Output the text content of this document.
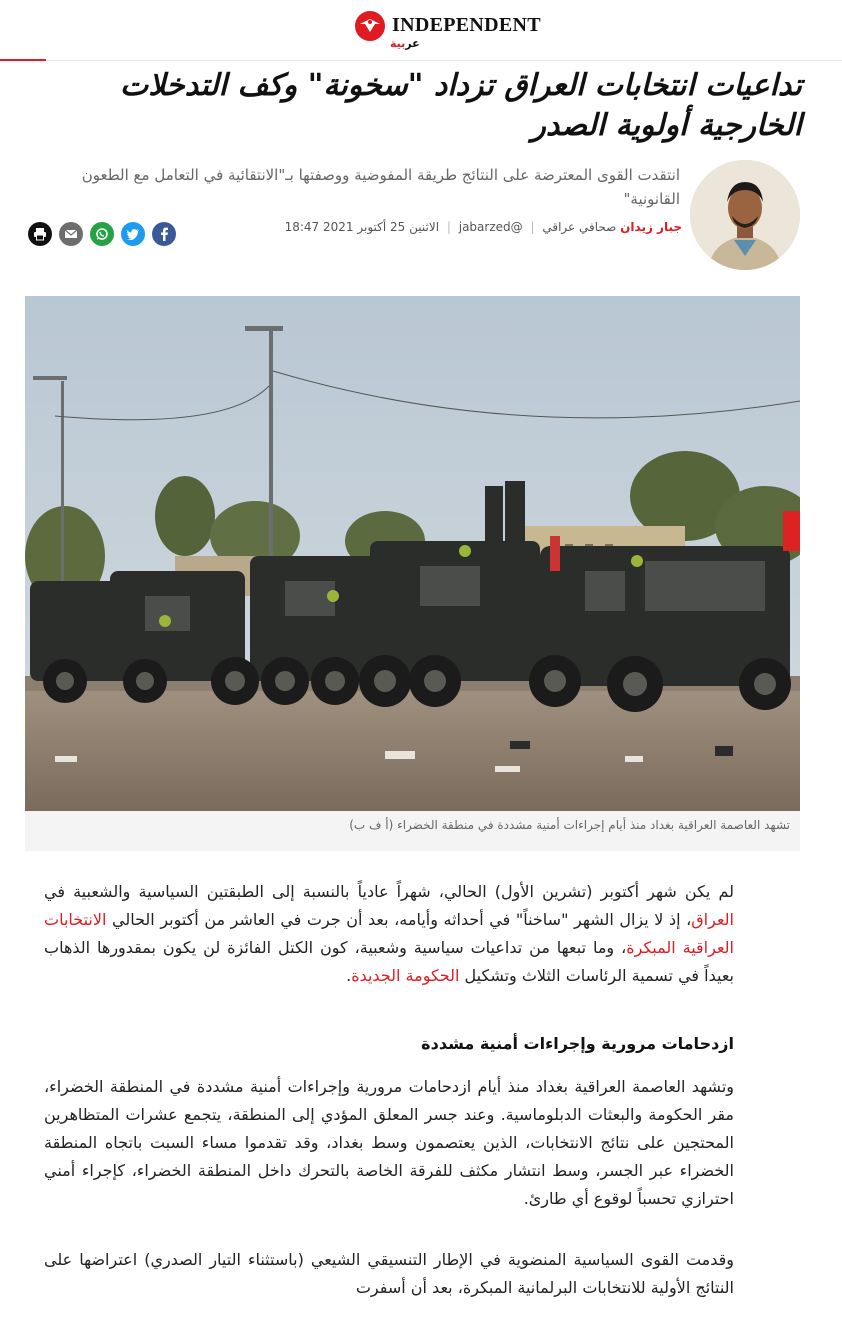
INDEPENDENT
عربية
تداعيات انتخابات العراق تزداد "سخونة" وكف التدخلات الخارجية أولوية الصدر

انتقدت القوى المعترضة على النتائج طريقة المفوضية ووصفتها بـ"الانتقائية في التعامل مع الطعون القانونية"

جبار زيدان صحافي عراقي | @jabarzed | الاثنين 25 أكتوبر 2021 18:47
تشهد العاصمة العراقية بغداد منذ أيام إجراءات أمنية مشددة في منطقة الخضراء (أ ف ب)

لم يكن شهر أكتوبر (تشرين الأول) الحالي، شهراً عادياً بالنسبة إلى الطبقتين السياسية والشعبية في العراق، إذ لا يزال الشهر "ساخناً" في أحداثه وأيامه، بعد أن جرت في العاشر من أكتوبر الحالي الانتخابات العراقية المبكرة، وما تبعها من تداعيات سياسية وشعبية، كون الكتل الفائزة لن يكون بمقدورها الذهاب بعيداً في تسمية الرئاسات الثلاث وتشكيل الحكومة الجديدة.

ازدحامات مرورية وإجراءات أمنية مشددة

وتشهد العاصمة العراقية بغداد منذ أيام ازدحامات مرورية وإجراءات أمنية مشددة في المنطقة الخضراء، مقر الحكومة والبعثات الدبلوماسية. وعند جسر المعلق المؤدي إلى المنطقة، يتجمع عشرات المتظاهرين المحتجين على نتائج الانتخابات، الذين يعتصمون وسط بغداد، وقد تقدموا مساء السبت باتجاه المنطقة الخضراء عبر الجسر، وسط انتشار مكثف للفرقة الخاصة بالتحرك داخل المنطقة الخضراء، كإجراء أمني احترازي تحسباً لوقوع أي طارئ.

وقدمت القوى السياسية المنضوية في الإطار التنسيقي الشيعي (باستثناء التيار الصدري) اعتراضها على النتائج الأولية للانتخابات البرلمانية المبكرة، بعد أن أسفرت
